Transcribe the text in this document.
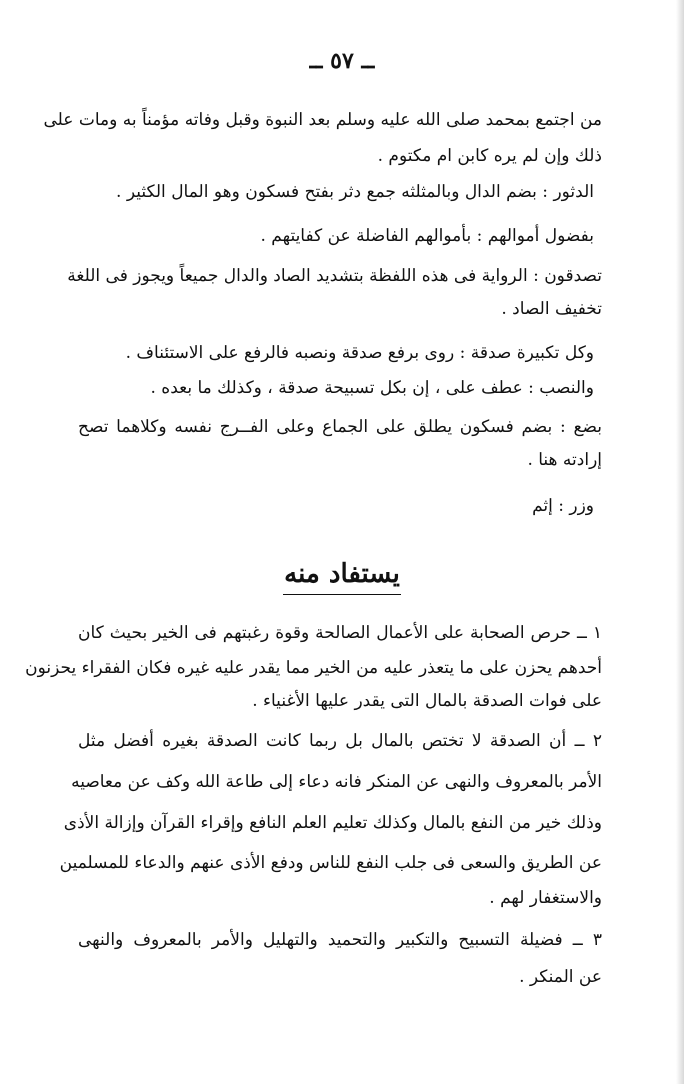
ــ ٥٧ ــ
من اجتمع بمحمد صلى الله عليه وسلم بعد النبوة وقبل وفاته مؤمناً به ومات على
ذلك وإن لم يره كابن ام مكتوم .
الدثور : بضم الدال وبالمثلثه جمع دثر بفتح فسكون وهو المال الكثير .
بفضول أموالهم : بأموالهم الفاضلة عن كفايتهم .
تصدقون : الرواية فى هذه اللفظة بتشديد الصاد والدال جميعاً ويجوز فى اللغة
تخفيف الصاد .
وكل تكبيرة صدقة : روى برفع صدقة ونصبه فالرفع على الاستئناف .
والنصب : عطف على ، إن بكل تسبيحة صدقة ، وكذلك ما بعده .
بضع : بضم فسكون يطلق على الجماع وعلى الفــرج نفسه وكلاهما تصح
إرادته هنا .
وزر : إثم
يستفاد منه
١ ــ حرص الصحابة على الأعمال الصالحة وقوة رغبتهم فى الخير بحيث كان
أحدهم يحزن على ما يتعذر عليه من الخير مما يقدر عليه غيره فكان الفقراء يحزنون
على فوات الصدقة بالمال التى يقدر عليها الأغنياء .
٢ ــ أن الصدقة لا تختص بالمال بل ربما كانت الصدقة بغيره أفضل مثل
الأمر بالمعروف والنهى عن المنكر فانه دعاء إلى طاعة الله وكف عن معاصيه
وذلك خير من النفع بالمال وكذلك تعليم العلم النافع وإقراء القرآن وإزالة الأذى
عن الطريق والسعى فى جلب النفع للناس ودفع الأذى عنهم والدعاء للمسلمين
والاستغفار لهم .
٣ ــ فضيلة التسبيح والتكبير والتحميد والتهليل والأمر بالمعروف والنهى
عن المنكر .
